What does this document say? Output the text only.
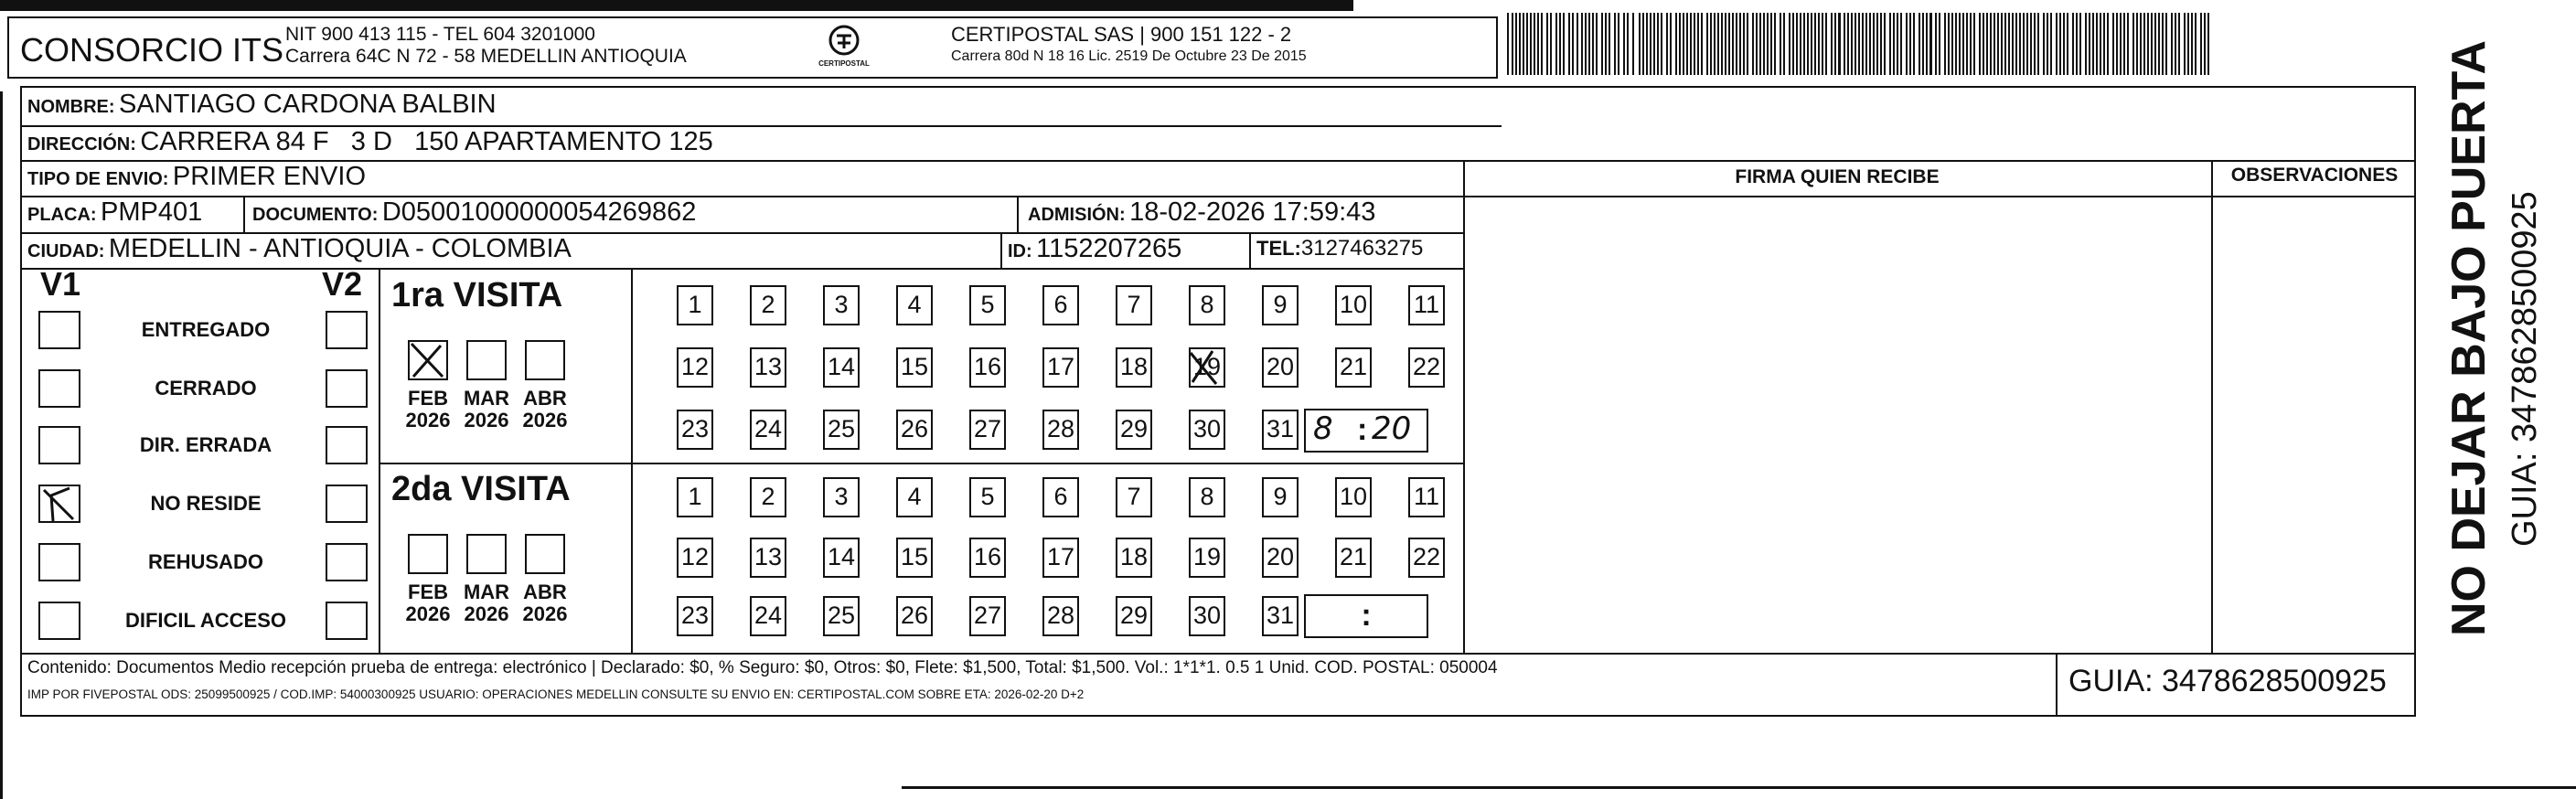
CONSORCIO ITS NIT 900 413 115 - TEL 604 3201000
Carrera 64C N 72 - 58 MEDELLIN ANTIOQUIA	CERTIPOSTAL
CERTIPOSTAL SAS | 900 151 122 - 2
Carrera 80d N 18 16 Lic. 2519 De Octubre 23 De 2015
NOMBRE: SANTIAGO CARDONA BALBIN
DIRECCIÓN: CARRERA 84 F   3 D   150 APARTAMENTO 125
TIPO DE ENVIO: PRIMER ENVIO	FIRMA QUIEN RECIBE	OBSERVACIONES
PLACA: PMP401	DOCUMENTO: D05001000000054269862	ADMISIÓN: 18-02-2026 17:59:43
CIUDAD: MEDELLIN - ANTIOQUIA - COLOMBIA	ID: 1152207265	TEL:3127463275
V1	V2
ENTREGADO
CERRADO
DIR. ERRADA
NO RESIDE
REHUSADO
DIFICIL ACCESO
1ra VISITA
2da VISITA
FEB
2026
MAR
2026
ABR
2026
FEB
2026
MAR
2026
ABR
2026
1	2	3	4	5	6	7	8	9	10 11
12 13 14 15 16 17 18 19 20 21 22
23 24 25 26 27 28 29 30 31
1	2	3	4	5	6	7	8	9	10 11
12 13 14 15 16 17 18 19 20 21 22
23 24 25 26 27 28 29 30 31
8 : 20
:
Contenido: Documentos Medio recepción prueba de entrega: electrónico | Declarado: $0, % Seguro: $0, Otros: $0, Flete: $1,500, Total: $1,500. Vol.: 1*1*1. 0.5 1 Unid. COD. POSTAL: 050004
IMP POR FIVEPOSTAL ODS: 25099500925 / COD.IMP: 54000300925 USUARIO: OPERACIONES MEDELLIN CONSULTE SU ENVIO EN: CERTIPOSTAL.COM SOBRE ETA: 2026-02-20 D+2	GUIA: 3478628500925
NO DEJAR BAJO PUERTA GUIA: 3478628500925
